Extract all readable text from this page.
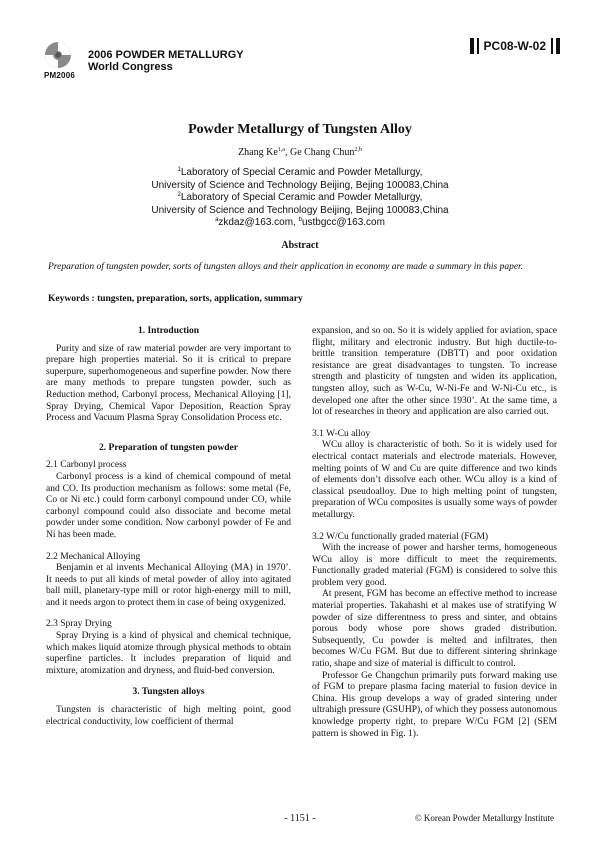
PM2006
2006 POWDER METALLURGY
World Congress
PC08-W-02
Powder Metallurgy of Tungsten Alloy
Zhang Ke$^{1,a}$, Ge Chang Chun$^{2,b}$
$^1$Laboratory of Special Ceramic and Powder Metallurgy,
University of Science and Technology Beijing, Bejing 100083,China
$^2$Laboratory of Special Ceramic and Powder Metallurgy,
University of Science and Technology Beijing, Bejing 100083,China
$^a$zkdaz@163.com, $^b$ustbgcc@163.com
Abstract
Preparation of tungsten powder, sorts of tungsten alloys and their application in economy are made a summary in this paper.
Keywords : tungsten, preparation, sorts, application, summary
1. Introduction

Purity and size of raw material powder are very important to prepare high properties material. So it is critical to prepare superpure, superhomogeneous and superfine powder. Now there are many methods to prepare tungsten powder, such as Reduction method, Carbonyl process, Mechanical Alloying [1], Spray Drying, Chemical Vapor Deposition, Reaction Spray Process and Vacuum Plasma Spray Consolidation Process etc.

2. Preparation of tungsten powder
2.1 Carbonyl process

Carbonyl process is a kind of chemical compound of metal and CO. Its production mechanism as follows: some metal (Fe, Co or Ni etc.) could form carbonyl compound under CO, while carbonyl compound could also dissociate and become metal powder under some condition. Now carbonyl powder of Fe and Ni has been made.

2.2 Mechanical Alloying

Benjamin et al invents Mechanical Alloying (MA) in 1970’. It needs to put all kinds of metal powder of alloy into agitated ball mill, planetary-type mill or rotor high-energy mill to mill, and it needs argon to protect them in case of being oxygenized.

2.3 Spray Drying

Spray Drying is a kind of physical and chemical technique, which makes liquid atomize through physical methods to obtain superfine particles. It includes preparation of liquid and mixture, atomization and dryness, and fluid-bed conversion.

3. Tungsten alloys

Tungsten is characteristic of high melting point, good electrical conductivity, low coefficient of thermal

expansion, and so on. So it is widely applied for aviation, space flight, military and electronic industry. But high ductile-to-brittle transition temperature (DBTT) and poor oxidation resistance are great disadvantages to tungsten. To increase strength and plasticity of tungsten and widen its application, tungsten alloy, such as W-Cu, W-Ni-Fe and W-Ni-Cu etc., is developed one after the other since 1930’. At the same time, a lot of researches in theory and application are also carried out.

3.1 W-Cu alloy

WCu alloy is characteristic of both. So it is widely used for electrical contact materials and electrode materials. However, melting points of W and Cu are quite difference and two kinds of elements don’t dissolve each other. WCu alloy is a kind of classical pseudoalloy. Due to high melting point of tungsten, preparation of WCu composites is usually some ways of powder metallurgy.

3.2 W/Cu functionally graded material (FGM)

With the increase of power and harsher terms, homogeneous WCu alloy is more difficult to meet the requirements. Functionally graded material (FGM) is considered to solve this problem very good.

At present, FGM has become an effective method to increase material properties. Takahashi et al makes use of stratifying W powder of size differentness to press and sinter, and obtains porous body whose pore shows graded distribution. Subsequently, Cu powder is melted and infiltrates, then becomes W/Cu FGM. But due to different sintering shrinkage ratio, shape and size of material is difficult to control.

Professor Ge Changchun primarily puts forward making use of FGM to prepare plasma facing material to fusion device in China. His group develops a way of graded sintering under ultrahigh pressure (GSUHP), of which they possess autonomous knowledge property right, to prepare W/Cu FGM [2] (SEM pattern is showed in Fig. 1).

- 1151 -	© Korean Powder Metallurgy Institute
